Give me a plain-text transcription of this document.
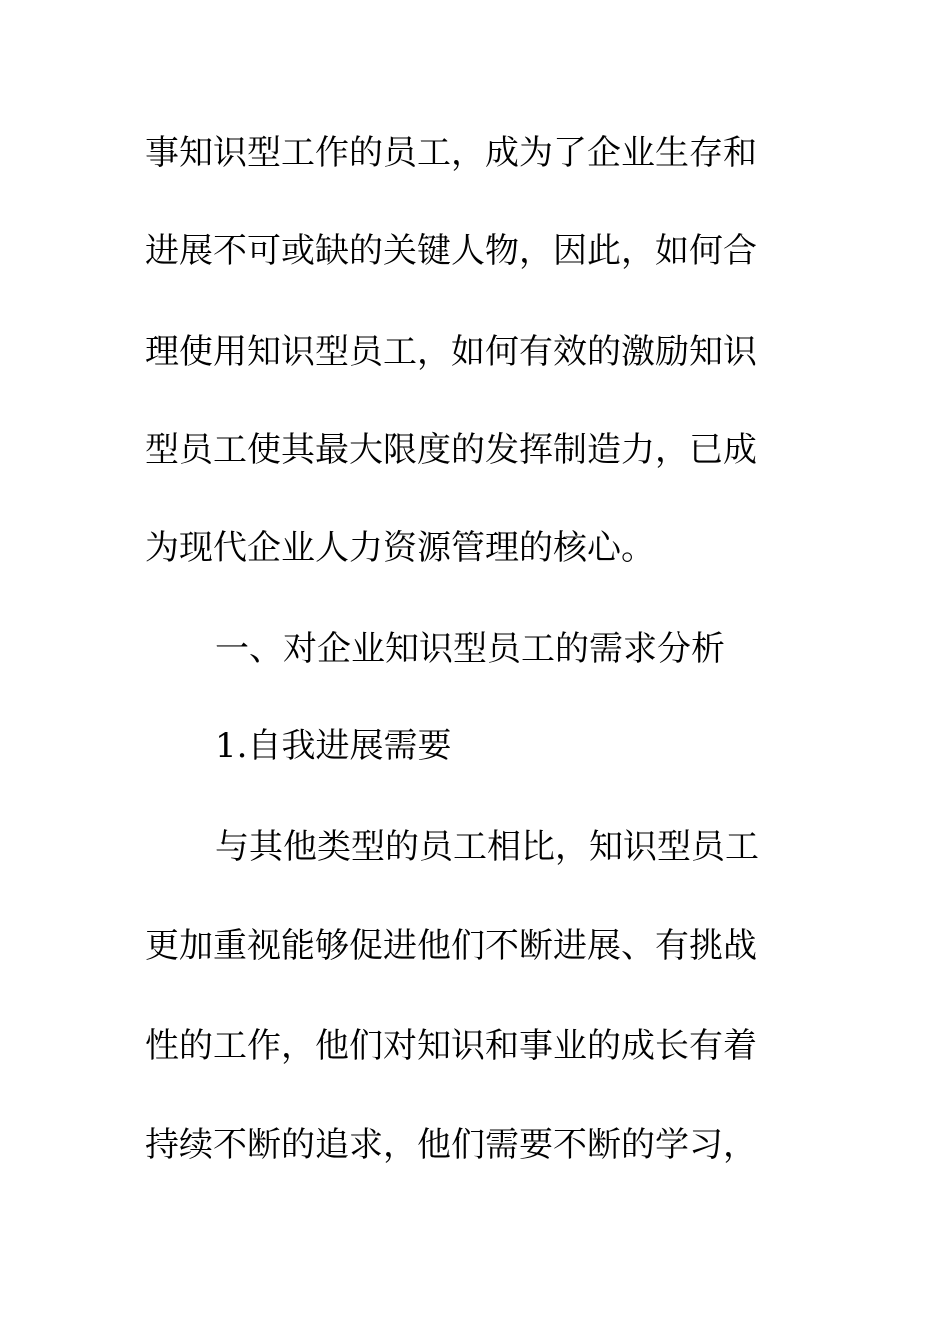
事知识型工作的员工，成为了企业生存和
进展不可或缺的关键人物，因此，如何合
理使用知识型员工，如何有效的激励知识
型员工使其最大限度的发挥制造力，已成
为现代企业人力资源管理的核心。
一、对企业知识型员工的需求分析
1.自我进展需要
与其他类型的员工相比，知识型员工
更加重视能够促进他们不断进展、有挑战
性的工作，他们对知识和事业的成长有着
持续不断的追求，他们需要不断的学习，
